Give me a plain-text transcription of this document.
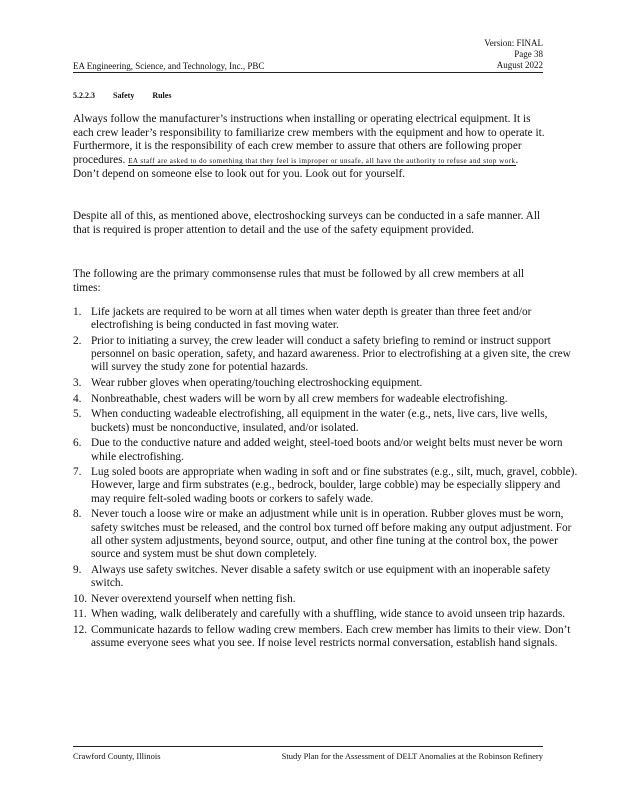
Version: FINAL
Page 38
August 2022
EA Engineering, Science, and Technology, Inc., PBC
5.2.2.3 Safety Rules

Always follow the manufacturer’s instructions when installing or operating electrical equipment. It is each crew leader’s responsibility to familiarize crew members with the equipment and how to operate it. Furthermore, it is the responsibility of each crew member to assure that others are following proper procedures. EA staff are asked to do something that they feel is improper or unsafe, all have the authority to refuse and stop work. Don’t depend on someone else to look out for you. Look out for yourself.

Despite all of this, as mentioned above, electroshocking surveys can be conducted in a safe manner. All that is required is proper attention to detail and the use of the safety equipment provided.

The following are the primary commonsense rules that must be followed by all crew members at all times:

1. Life jackets are required to be worn at all times when water depth is greater than three feet and/or electrofishing is being conducted in fast moving water.
2. Prior to initiating a survey, the crew leader will conduct a safety briefing to remind or instruct support personnel on basic operation, safety, and hazard awareness. Prior to electrofishing at a given site, the crew will survey the study zone for potential hazards.
3. Wear rubber gloves when operating/touching electroshocking equipment.
4. Nonbreathable, chest waders will be worn by all crew members for wadeable electrofishing.
5. When conducting wadeable electrofishing, all equipment in the water (e.g., nets, live cars, live wells, buckets) must be nonconductive, insulated, and/or isolated.
6. Due to the conductive nature and added weight, steel-toed boots and/or weight belts must never be worn while electrofishing.
7. Lug soled boots are appropriate when wading in soft and or fine substrates (e.g., silt, much, gravel, cobble). However, large and firm substrates (e.g., bedrock, boulder, large cobble) may be especially slippery and may require felt-soled wading boots or corkers to safely wade.
8. Never touch a loose wire or make an adjustment while unit is in operation. Rubber gloves must be worn, safety switches must be released, and the control box turned off before making any output adjustment. For all other system adjustments, beyond source, output, and other fine tuning at the control box, the power source and system must be shut down completely.
9. Always use safety switches. Never disable a safety switch or use equipment with an inoperable safety switch.
10. Never overextend yourself when netting fish.
11. When wading, walk deliberately and carefully with a shuffling, wide stance to avoid unseen trip hazards.
12. Communicate hazards to fellow wading crew members. Each crew member has limits to their view. Don’t assume everyone sees what you see. If noise level restricts normal conversation, establish hand signals.
Crawford County, Illinois	Study Plan for the Assessment of DELT Anomalies at the Robinson Refinery
